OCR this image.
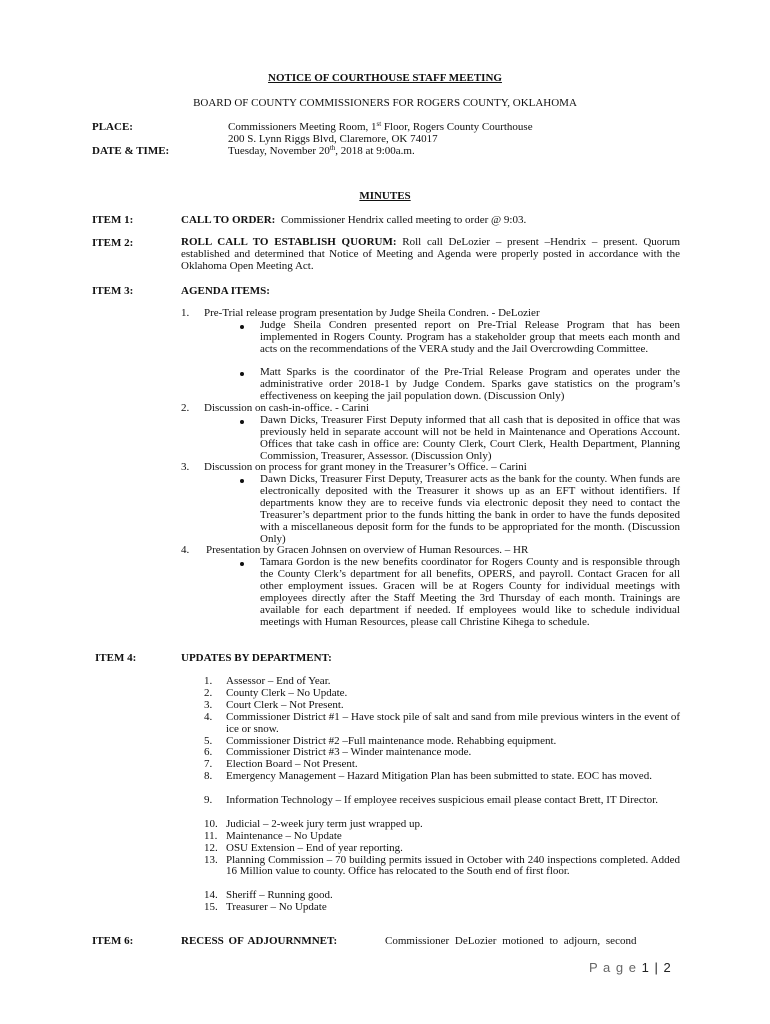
NOTICE OF COURTHOUSE STAFF MEETING
BOARD OF COUNTY COMMISSIONERS FOR ROGERS COUNTY, OKLAHOMA
PLACE:	Commissioners Meeting Room, 1st Floor, Rogers County Courthouse
200 S. Lynn Riggs Blvd, Claremore, OK 74017
DATE & TIME:	Tuesday, November 20th, 2018 at 9:00a.m.
MINUTES
ITEM 1:	CALL TO ORDER:  Commissioner Hendrix called meeting to order @ 9:03.
ITEM 2:	ROLL CALL TO ESTABLISH QUORUM: Roll call DeLozier – present –Hendrix – present. Quorum established and determined that Notice of Meeting and Agenda were properly posted in accordance with the Oklahoma Open Meeting Act.
ITEM 3:	AGENDA ITEMS:
1. Pre-Trial release program presentation by Judge Sheila Condren. - DeLozier
Judge Sheila Condren presented report on Pre-Trial Release Program that has been implemented in Rogers County. Program has a stakeholder group that meets each month and acts on the recommendations of the VERA study and the Jail Overcrowding Committee.
Matt Sparks is the coordinator of the Pre-Trial Release Program and operates under the administrative order 2018-1 by Judge Condem. Sparks gave statistics on the program’s effectiveness on keeping the jail population down. (Discussion Only)
2. Discussion on cash-in-office. - Carini
Dawn Dicks, Treasurer First Deputy informed that all cash that is deposited in office that was previously held in separate account will not be held in Maintenance and Operations Account. Offices that take cash in office are: County Clerk, Court Clerk, Health Department, Planning Commission, Treasurer, Assessor. (Discussion Only)
3. Discussion on process for grant money in the Treasurer’s Office. – Carini
Dawn Dicks, Treasurer First Deputy, Treasurer acts as the bank for the county. When funds are electronically deposited with the Treasurer it shows up as an EFT without identifiers. If departments know they are to receive funds via electronic deposit they need to contact the Treasurer’s department prior to the funds hitting the bank in order to have the funds deposited with a miscellaneous deposit form for the funds to be appropriated for the month. (Discussion Only)
4. Presentation by Gracen Johnsen on overview of Human Resources. – HR
Tamara Gordon is the new benefits coordinator for Rogers County and is responsible through the County Clerk’s department for all benefits, OPERS, and payroll. Contact Gracen for all other employment issues. Gracen will be at Rogers County for individual meetings with employees directly after the Staff Meeting the 3rd Thursday of each month. Trainings are available for each department if needed. If employees would like to schedule individual meetings with Human Resources, please call Christine Kihega to schedule.
ITEM 4:	UPDATES BY DEPARTMENT:
1. Assessor – End of Year.
2. County Clerk – No Update.
3. Court Clerk – Not Present.
4. Commissioner District #1 – Have stock pile of salt and sand from mile previous winters in the event of ice or snow.
5. Commissioner District #2 –Full maintenance mode. Rehabbing equipment.
6. Commissioner District #3 – Winder maintenance mode.
7. Election Board – Not Present.
8. Emergency Management – Hazard Mitigation Plan has been submitted to state. EOC has moved.
9. Information Technology – If employee receives suspicious email please contact Brett, IT Director.
10. Judicial – 2-week jury term just wrapped up.
11. Maintenance – No Update
12. OSU Extension – End of year reporting.
13. Planning Commission – 70 building permits issued in October with 240 inspections completed. Added 16 Million value to county. Office has relocated to the South end of first floor.
14. Sheriff – Running good.
15. Treasurer – No Update
ITEM 6:	RECESS OF ADJOURNMNET:	Commissioner DeLozier motioned to adjourn, second
P a g e 1 | 2
